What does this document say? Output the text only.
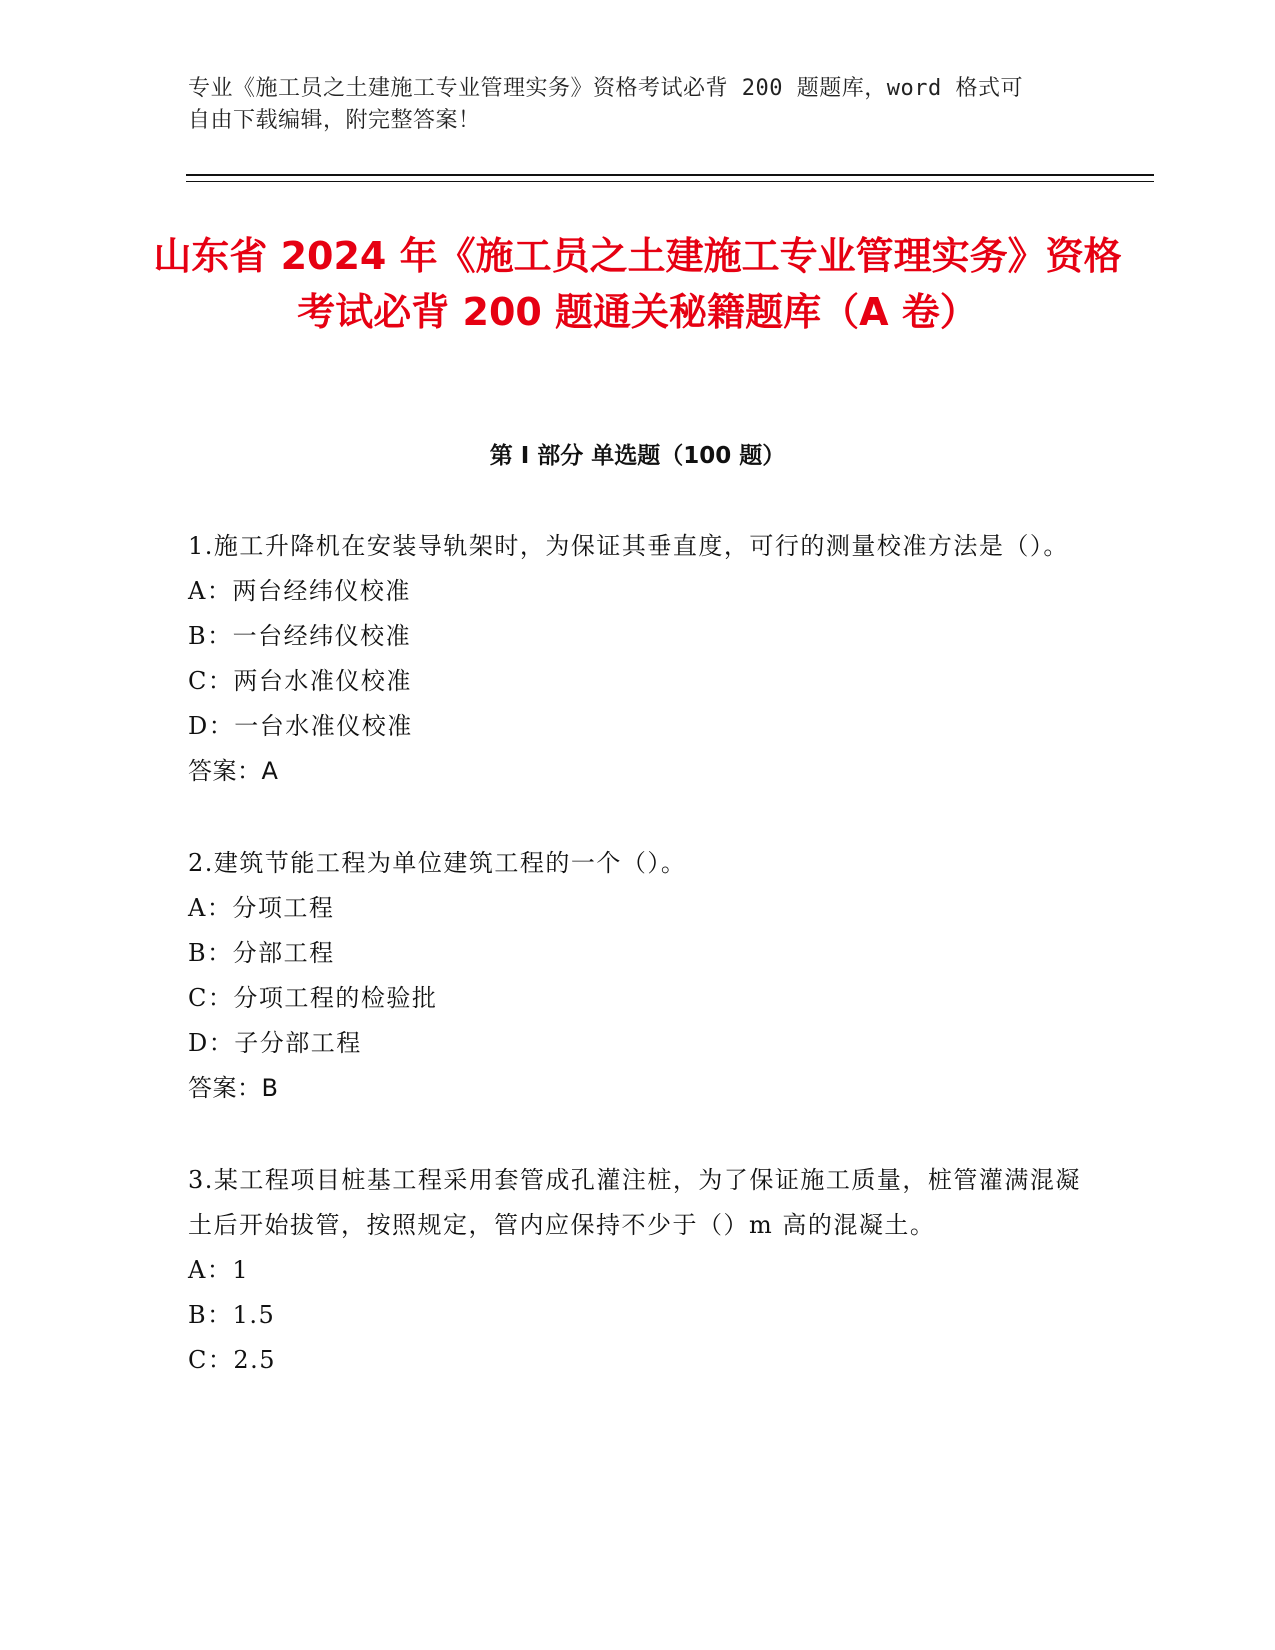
专业《施工员之土建施工专业管理实务》资格考试必背 200 题题库，word 格式可

自由下载编辑，附完整答案！

山东省 2024 年《施工员之土建施工专业管理实务》资格考试必背 200 题通关秘籍题库（A 卷）
第 I 部分 单选题（100 题）

1.施工升降机在安装导轨架时，为保证其垂直度，可行的测量校准方法是（）。

A：两台经纬仪校准

B：一台经纬仪校准

C：两台水准仪校准

D：一台水准仪校准

答案：A

2.建筑节能工程为单位建筑工程的一个（）。

A：分项工程

B：分部工程

C：分项工程的检验批

D：子分部工程

答案：B

3.某工程项目桩基工程采用套管成孔灌注桩，为了保证施工质量，桩管灌满混凝土后开始拔管，按照规定，管内应保持不少于（）m 高的混凝土。

A：1

B：1.5

C：2.5
